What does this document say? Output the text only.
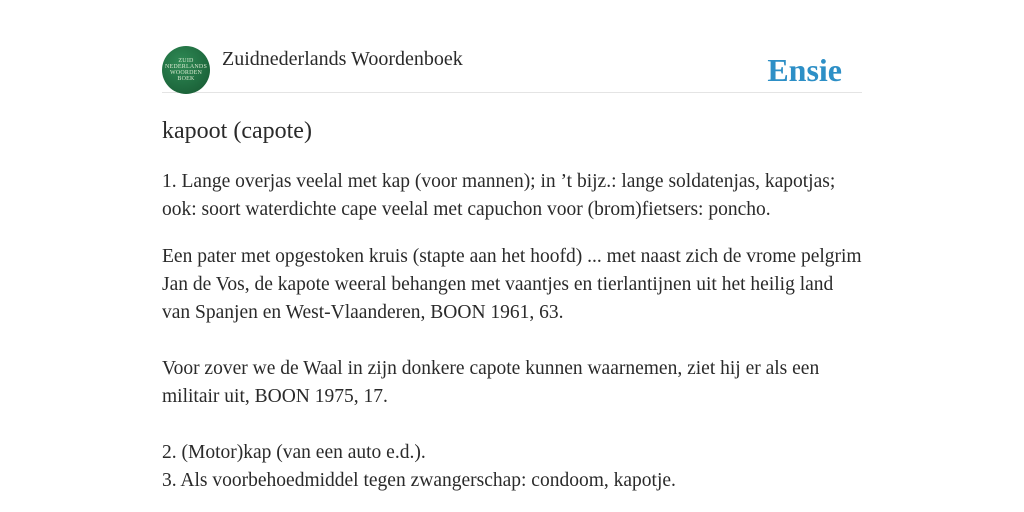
ZUID
NEDERLANDS
WOORDEN
BOEK
Zuidnederlands Woordenboek	Ensie
kapoot (capote)

1. Lange overjas veelal met kap (voor mannen); in ’t bijz.: lange soldatenjas, kapotjas; ook: soort waterdichte cape veelal met capuchon voor (brom)fietsers: poncho.

Een pater met opgestoken kruis (stapte aan het hoofd) ... met naast zich de vrome pelgrim Jan de Vos, de kapote weeral behangen met vaantjes en tierlantijnen uit het heilig land van Spanjen en West-Vlaanderen, BOON 1961, 63.

Voor zover we de Waal in zijn donkere capote kunnen waarnemen, ziet hij er als een militair uit, BOON 1975, 17.

2. (Motor)kap (van een auto e.d.).

3. Als voorbehoedmiddel tegen zwangerschap: condoom, kapotje.
